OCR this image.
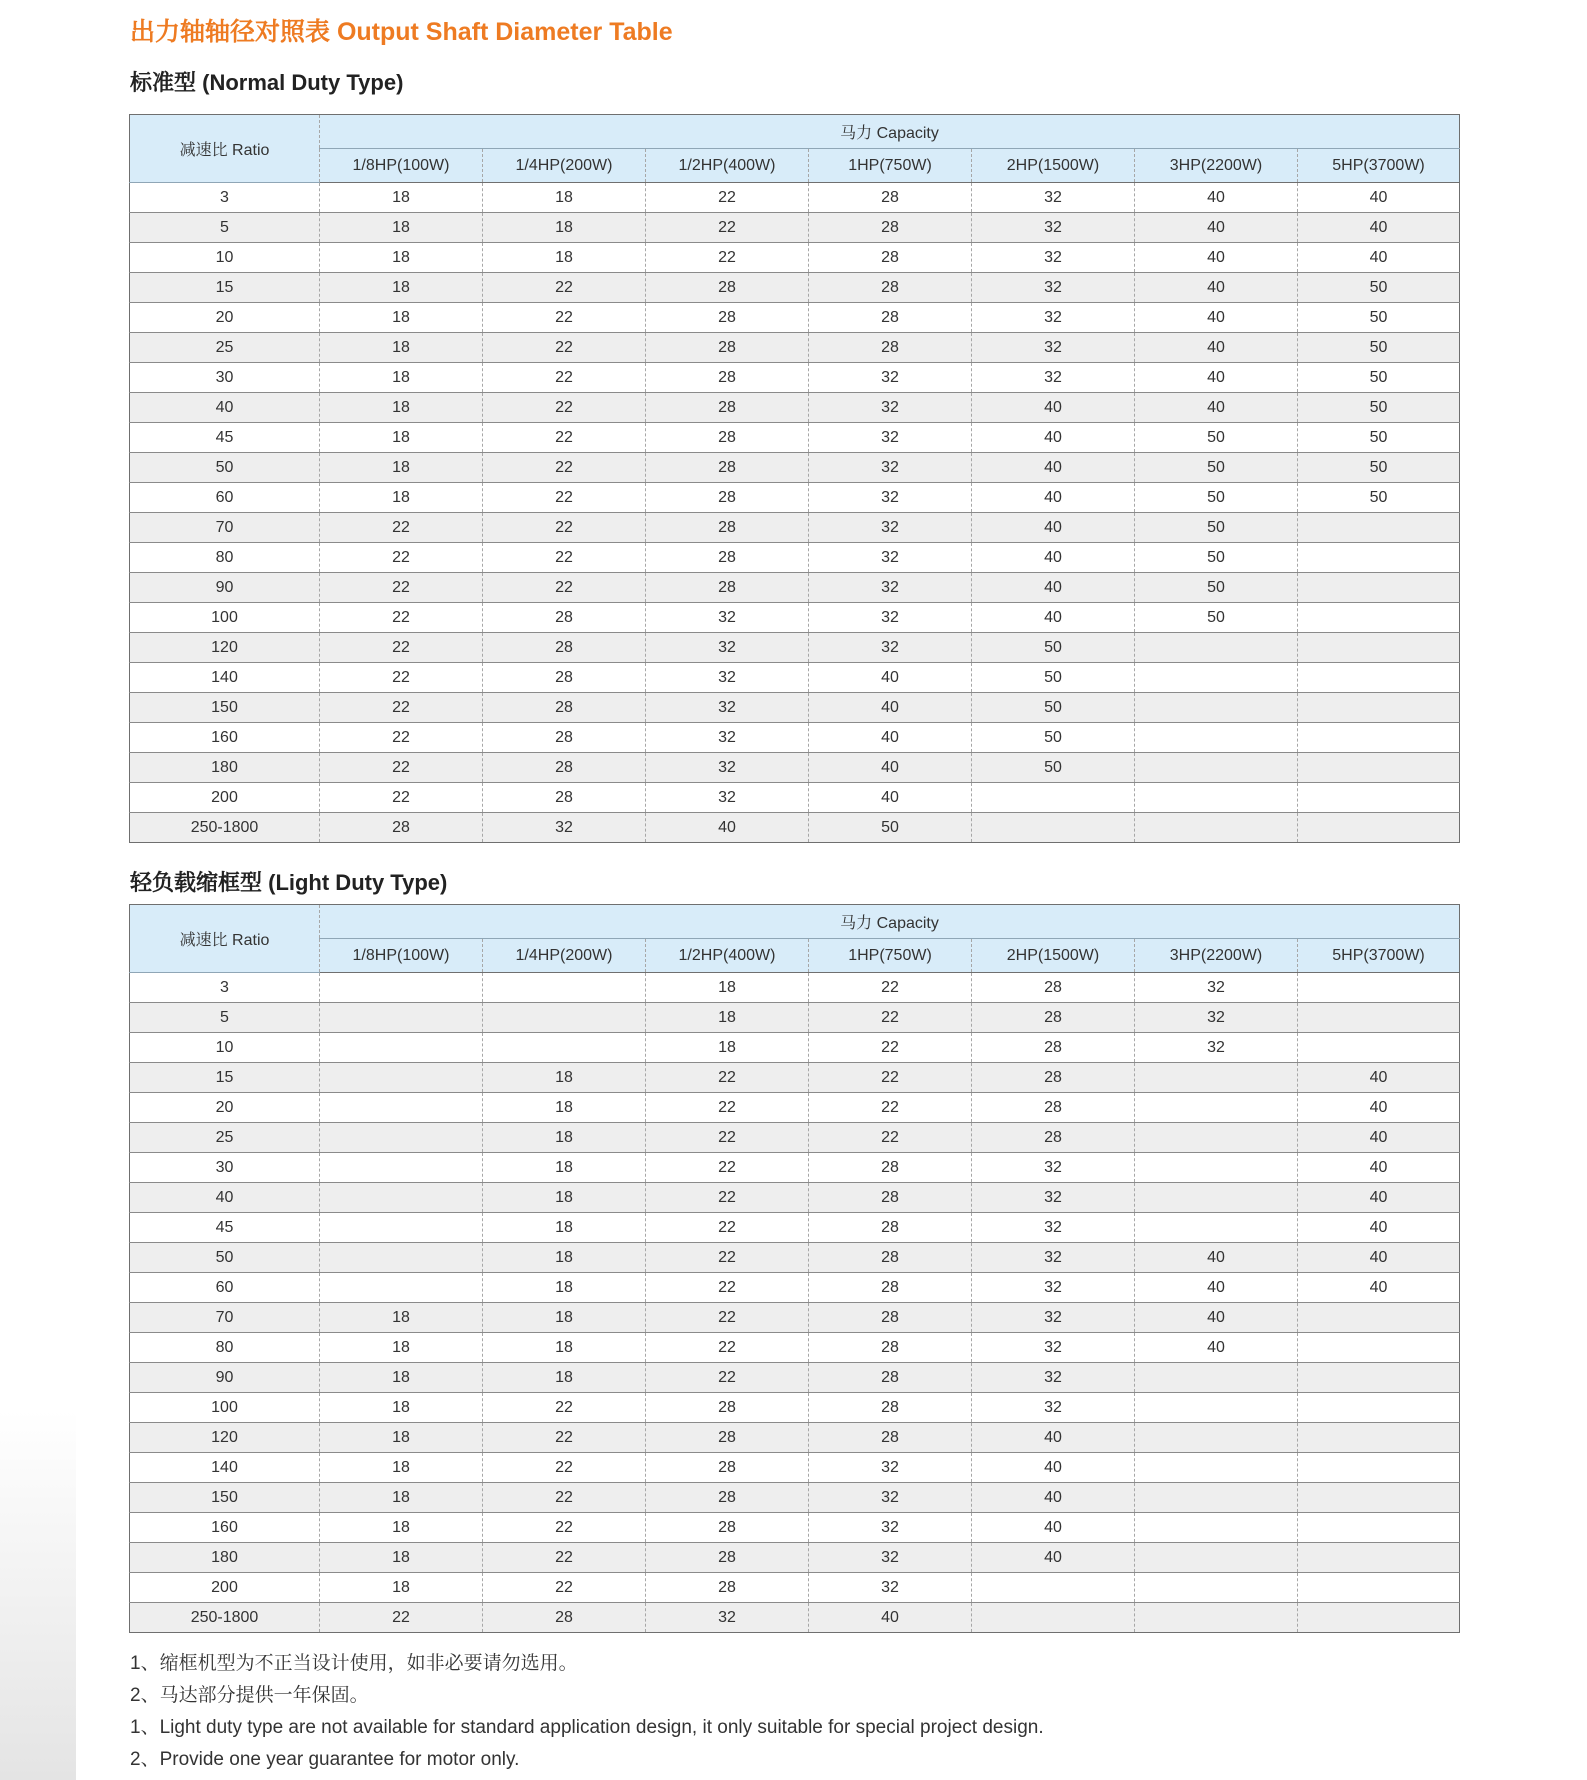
出力轴轴径对照表 Output Shaft Diameter Table
标准型 (Normal Duty Type)
减速比 Ratio	马力 Capacity						
	1/8HP(100W)	1/4HP(200W)	1/2HP(400W)	1HP(750W)	2HP(1500W)	3HP(2200W)	5HP(3700W)
3	18	18	22	28	32	40	40
5	18	18	22	28	32	40	40
10	18	18	22	28	32	40	40
15	18	22	28	28	32	40	50
20	18	22	28	28	32	40	50
25	18	22	28	28	32	40	50
30	18	22	28	32	32	40	50
40	18	22	28	32	40	40	50
45	18	22	28	32	40	50	50
50	18	22	28	32	40	50	50
60	18	22	28	32	40	50	50
70	22	22	28	32	40	50	
80	22	22	28	32	40	50	
90	22	22	28	32	40	50	
100	22	28	32	32	40	50	
120	22	28	32	32	50		
140	22	28	32	40	50		
150	22	28	32	40	50		
160	22	28	32	40	50		
180	22	28	32	40	50		
200	22	28	32	40			
250-1800	28	32	40	50			
轻负载缩框型 (Light Duty Type)
减速比 Ratio	马力 Capacity						
	1/8HP(100W)	1/4HP(200W)	1/2HP(400W)	1HP(750W)	2HP(1500W)	3HP(2200W)	5HP(3700W)
3			18	22	28	32	
5			18	22	28	32	
10			18	22	28	32	
15		18	22	22	28		40
20		18	22	22	28		40
25		18	22	22	28		40
30		18	22	28	32		40
40		18	22	28	32		40
45		18	22	28	32		40
50		18	22	28	32	40	40
60		18	22	28	32	40	40
70	18	18	22	28	32	40	
80	18	18	22	28	32	40	
90	18	18	22	28	32		
100	18	22	28	28	32		
120	18	22	28	28	40		
140	18	22	28	32	40		
150	18	22	28	32	40		
160	18	22	28	32	40		
180	18	22	28	32	40		
200	18	22	28	32			
250-1800	22	28	32	40			
1、缩框机型为不正当设计使用，如非必要请勿选用。
2、马达部分提供一年保固。
1、Light duty type are not available for standard application design, it only suitable for special project design.
2、Provide one year guarantee for motor only.
